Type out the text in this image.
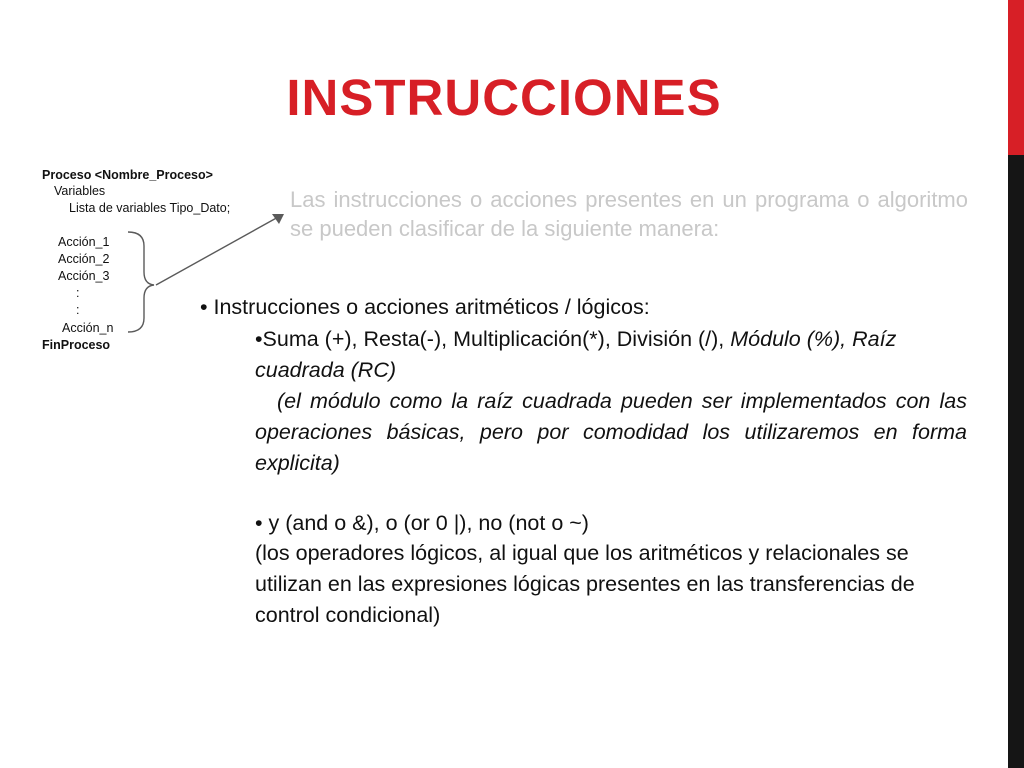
INSTRUCCIONES
Proceso <Nombre_Proceso>
Variables
Lista de variables Tipo_Dato;
Acción_1
Acción_2
Acción_3
:
:
Acción_n
FinProceso
Las instrucciones o acciones presentes en un programa o algoritmo se pueden clasificar de la siguiente manera:
• Instrucciones o acciones aritméticos / lógicos:
•Suma (+), Resta(-), Multiplicación(*), División (/), Módulo (%), Raíz cuadrada (RC)
(el módulo como la raíz cuadrada pueden ser implementados con las operaciones básicas, pero por comodidad los utilizaremos en forma explicita)
• y (and o &), o (or 0 |), no (not o ~)
(los operadores lógicos, al igual que los aritméticos y relacionales se utilizan en las expresiones lógicas presentes en las transferencias de control condicional)
